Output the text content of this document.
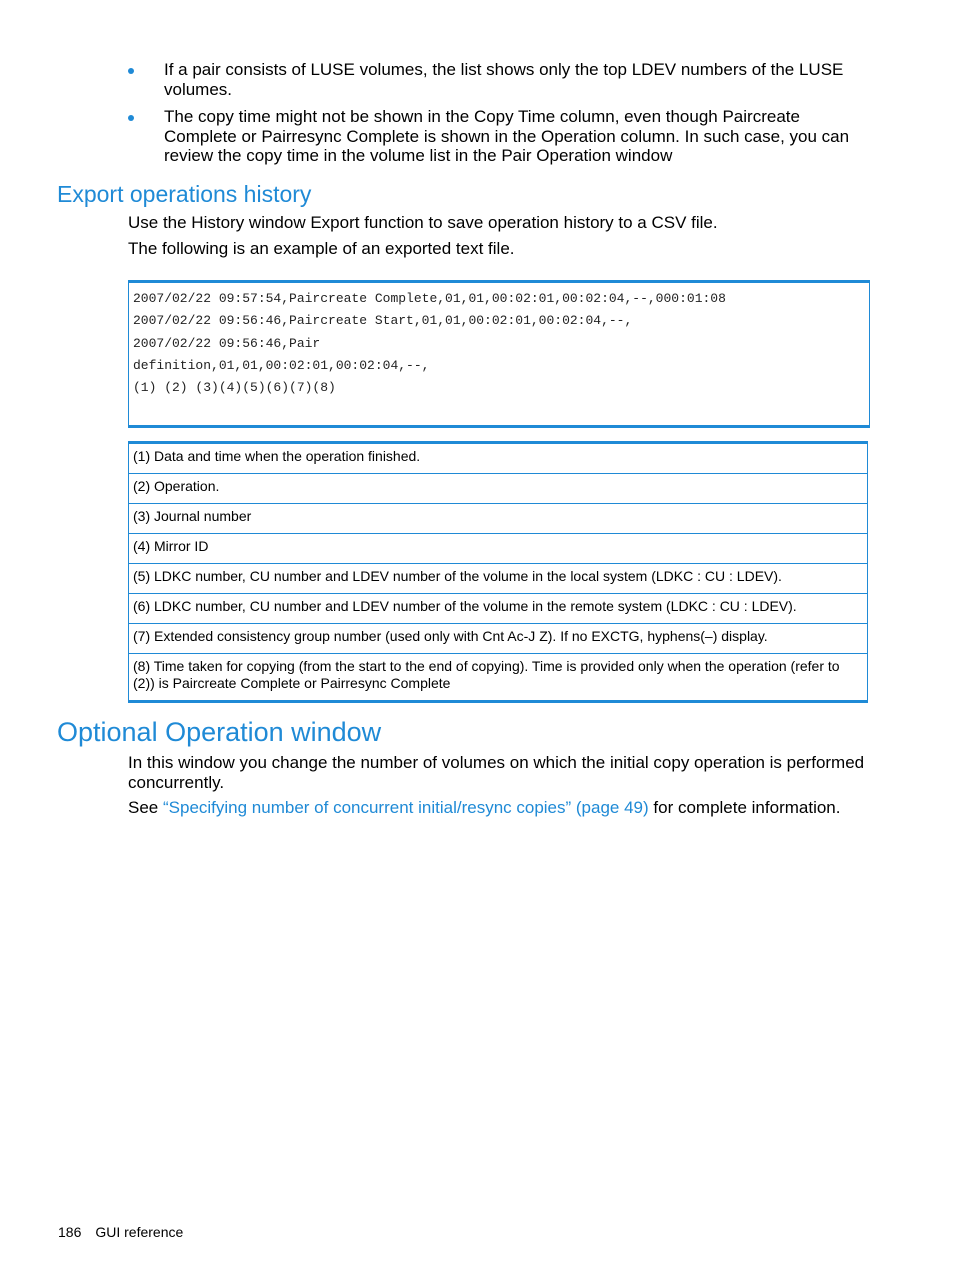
If a pair consists of LUSE volumes, the list shows only the top LDEV numbers of the LUSE volumes.
The copy time might not be shown in the Copy Time column, even though Paircreate Complete or Pairresync Complete is shown in the Operation column. In such case, you can review the copy time in the volume list in the Pair Operation window
Export operations history

Use the History window Export function to save operation history to a CSV file.

The following is an example of an exported text file.

2007/02/22 09:57:54,Paircreate Complete,01,01,00:02:01,00:02:04,--,000:01:08
2007/02/22 09:56:46,Paircreate Start,01,01,00:02:01,00:02:04,--,
2007/02/22 09:56:46,Pair
definition,01,01,00:02:01,00:02:04,--,
(1) (2) (3)(4)(5)(6)(7)(8)
(1) Data and time when the operation finished.
(2) Operation.
(3) Journal number
(4) Mirror ID
(5) LDKC number, CU number and LDEV number of the volume in the local system (LDKC : CU : LDEV).
(6) LDKC number, CU number and LDEV number of the volume in the remote system (LDKC : CU : LDEV).
(7) Extended consistency group number (used only with Cnt Ac-J Z). If no EXCTG, hyphens(–) display.
(8) Time taken for copying (from the start to the end of copying). Time is provided only when the operation (refer to (2)) is Paircreate Complete or Pairresync Complete
Optional Operation window

In this window you change the number of volumes on which the initial copy operation is performed concurrently.

See “Specifying number of concurrent initial/resync copies” (page 49) for complete information.

186 GUI reference
